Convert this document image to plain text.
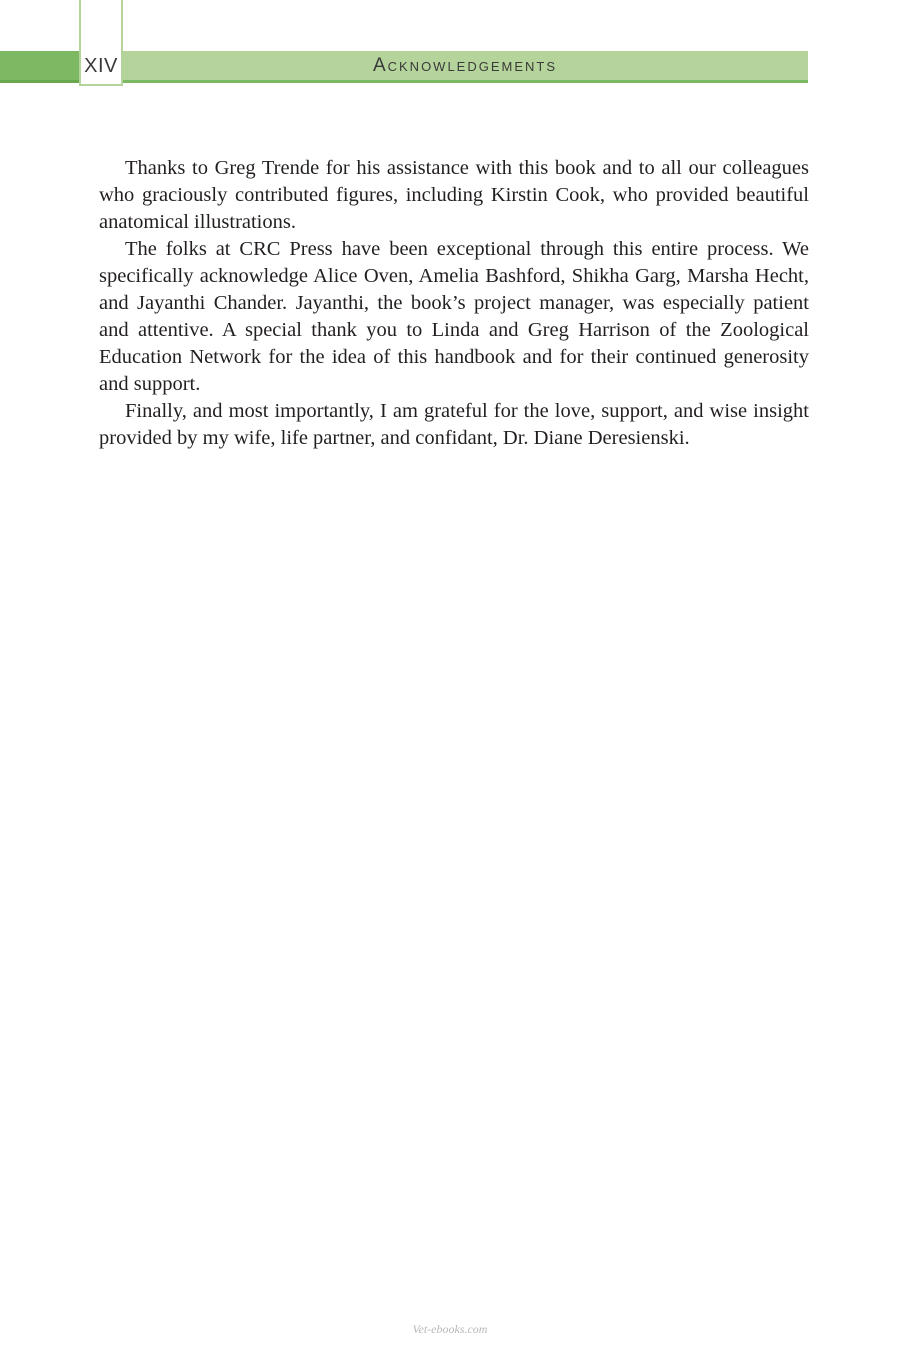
XIV	Acknowledgements

Thanks to Greg Trende for his assistance with this book and to all our colleagues who graciously contributed figures, including Kirstin Cook, who provided beautiful anatomical illustrations.

The folks at CRC Press have been exceptional through this entire process. We specifically acknowledge Alice Oven, Amelia Bashford, Shikha Garg, Marsha Hecht, and Jayanthi Chander. Jayanthi, the book’s project manager, was especially patient and attentive. A special thank you to Linda and Greg Harrison of the Zoological Education Network for the idea of this handbook and for their continued generosity and support.

Finally, and most importantly, I am grateful for the love, support, and wise insight provided by my wife, life partner, and confidant, Dr. Diane Deresienski.

Vet-ebooks.com
